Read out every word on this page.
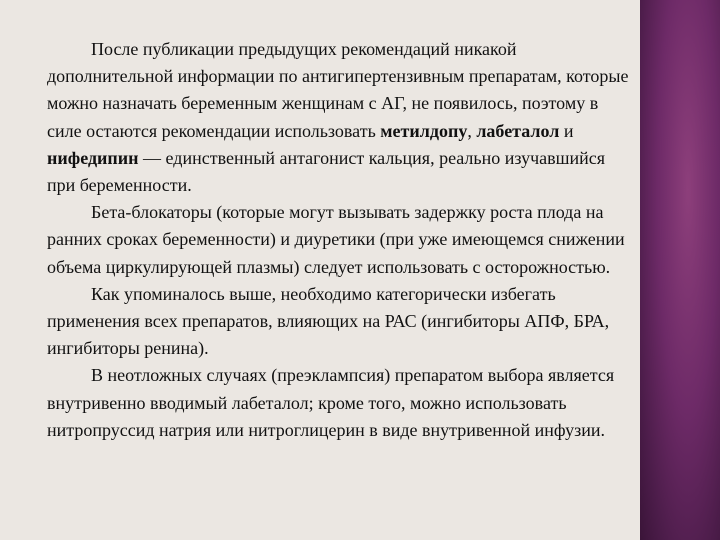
После публикации предыдущих рекомендаций никакой дополнительной информации по антигипертензивным препаратам, которые можно назначать беременным женщинам с АГ, не появилось, поэтому в силе остаются рекомендации использовать метилдопу, лабеталол и нифедипин — единственный антагонист кальция, реально изучавшийся при беременности.

Бета-блокаторы (которые могут вызывать задержку роста плода на ранних сроках беременности) и диуретики (при уже имеющемся снижении объема циркулирующей плазмы) следует использовать с осторожностью.

Как упоминалось выше, необходимо категорически избегать применения всех препаратов, влияющих на РАС (ингибиторы АПФ, БРА, ингибиторы ренина).

В неотложных случаях (преэклампсия) препаратом выбора является внутривенно вводимый лабеталол; кроме того, можно использовать нитропруссид натрия или нитроглицерин в виде внутривенной инфузии.
